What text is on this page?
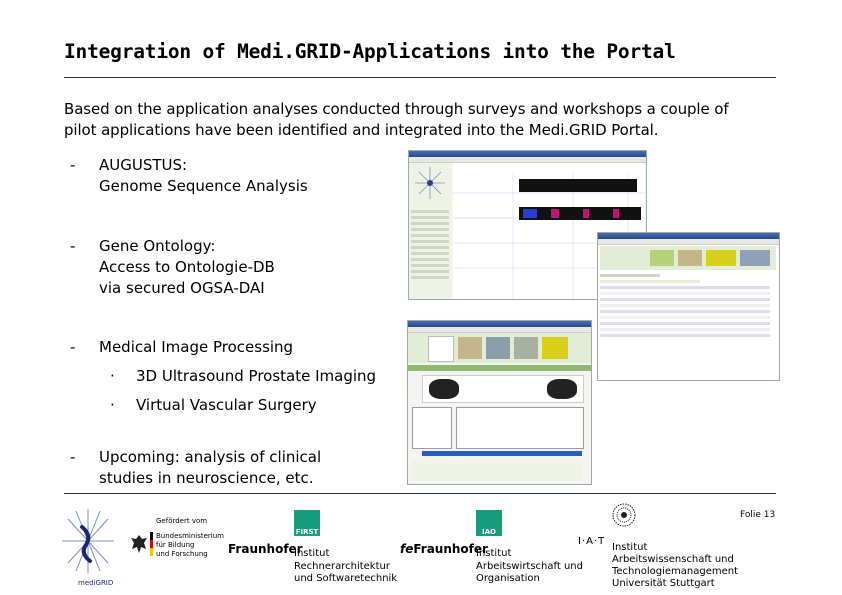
Integration of Medi.GRID-Applications into the Portal
Based on the application analyses conducted through surveys and workshops a couple of
pilot applications have been identified and integrated into the Medi.GRID Portal.
- AUGUSTUS:
Genome Sequence Analysis
- Gene Ontology:
Access to Ontologie-DB
via secured OGSA-DAI
- Medical Image Processing
· 3D Ultrasound Prostate Imaging
· Virtual Vascular Surgery
- Upcoming: analysis of clinical
studies in neuroscience, etc.
Folie 13
mediGRID
Gefördert vom
Bundesministerium
für Bildung
und Forschung Fraunhofer
FIRST
Institut
Rechnerarchitektur
und Softwaretechnik
feFraunhofer
IAO
Institut
Arbeitswirtschaft und
Organisation
I·A·T
Institut
Arbeitswissenschaft und
Technologiemanagement
Universität Stuttgart
